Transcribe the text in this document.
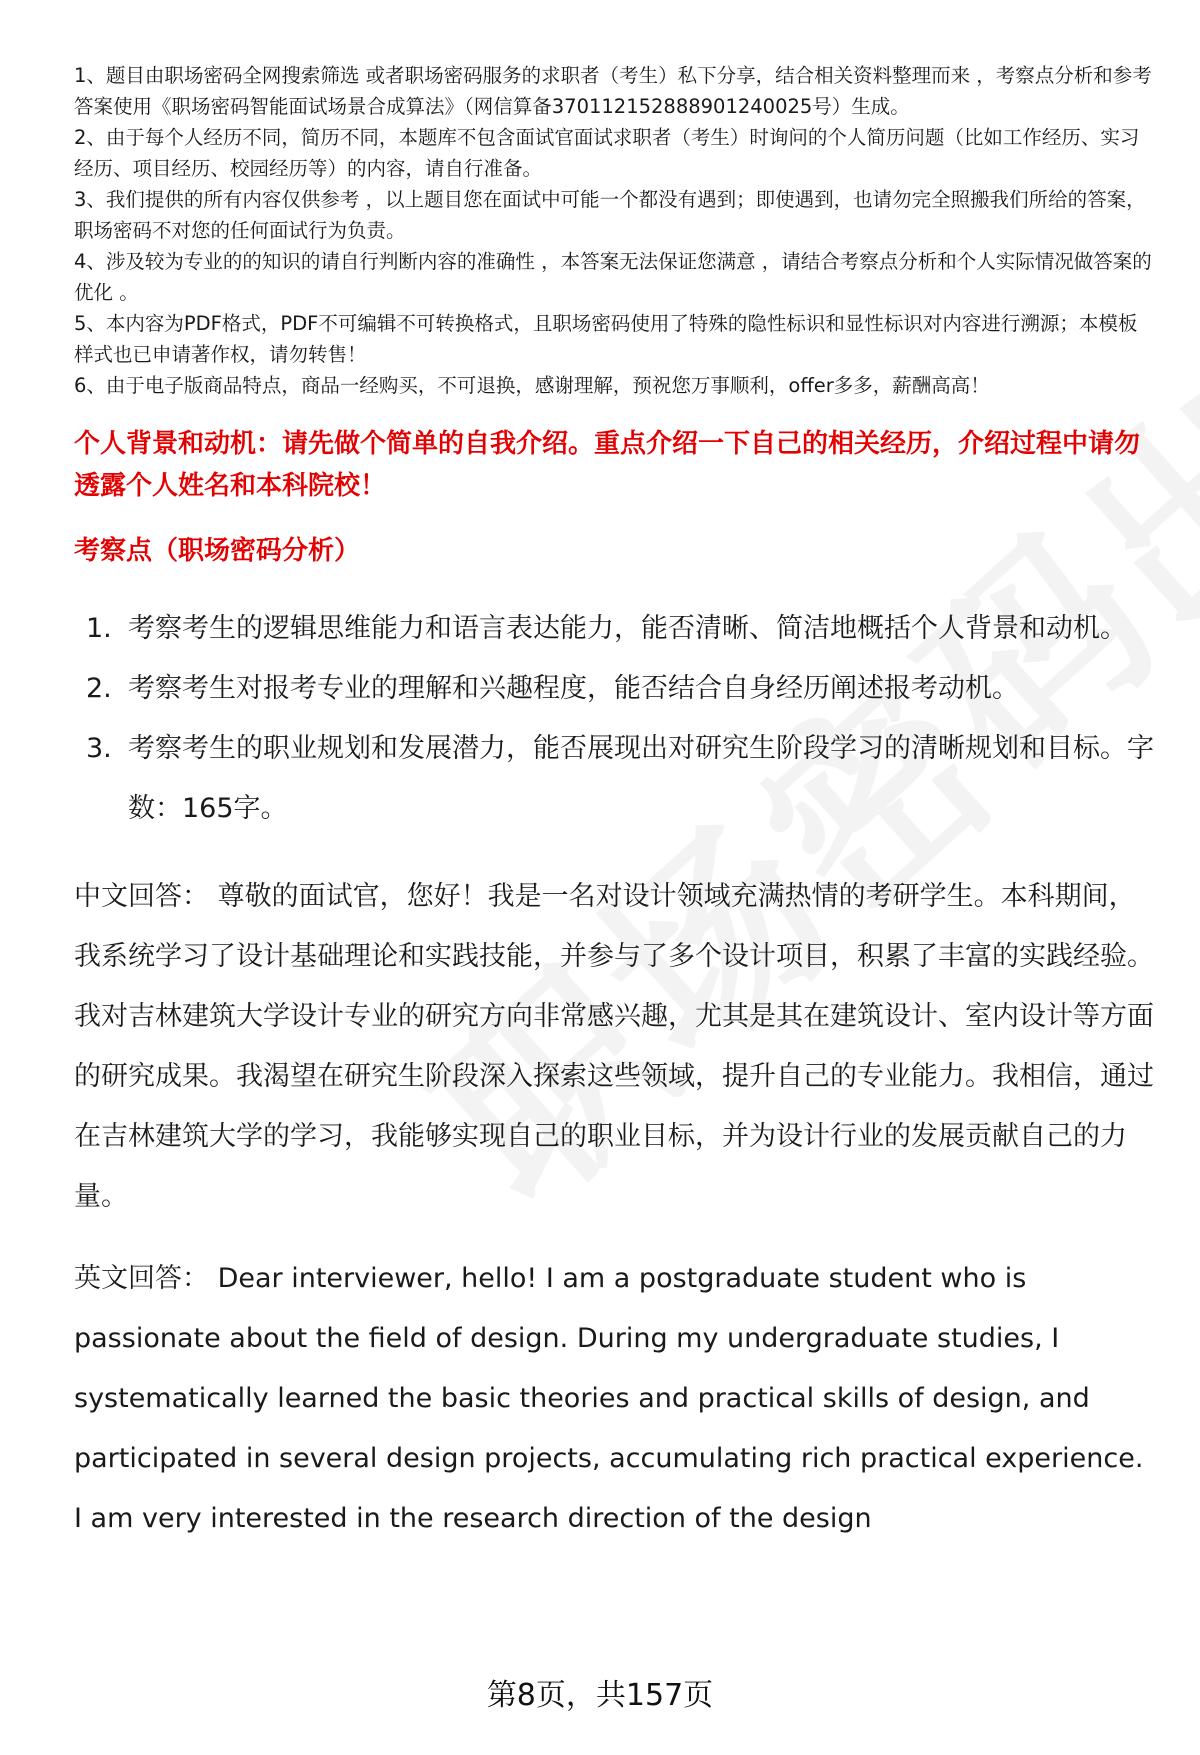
1、题目由职场密码全网搜索筛选 或者职场密码服务的求职者（考生）私下分享，结合相关资料整理而来 ，考察点分析和参考答案使用《职场密码智能面试场景合成算法》（网信算备370112152888901240025号）生成。
2、由于每个人经历不同，简历不同，本题库不包含面试官面试求职者（考生）时询问的个人简历问题（比如工作经历、实习经历、项目经历、校园经历等）的内容，请自行准备。
3、我们提供的所有内容仅供参考 ，以上题目您在面试中可能一个都没有遇到；即使遇到，也请勿完全照搬我们所给的答案，职场密码不对您的任何面试行为负责。
4、涉及较为专业的的知识的请自行判断内容的准确性 ，本答案无法保证您满意 ，请结合考察点分析和个人实际情况做答案的优化 。
5、本内容为PDF格式，PDF不可编辑不可转换格式，且职场密码使用了特殊的隐性标识和显性标识对内容进行溯源；本模板样式也已申请著作权，请勿转售！
6、由于电子版商品特点，商品一经购买，不可退换，感谢理解，预祝您万事顺利，offer多多，薪酬高高！

个人背景和动机：请先做个简单的自我介绍。重点介绍一下自己的相关经历，介绍过程中请勿透露个人姓名和本科院校！

考察点（职场密码分析）

1. 考察考生的逻辑思维能力和语言表达能力，能否清晰、简洁地概括个人背景和动机。
2. 考察考生对报考专业的理解和兴趣程度，能否结合自身经历阐述报考动机。
3. 考察考生的职业规划和发展潜力，能否展现出对研究生阶段学习的清晰规划和目标。字数：165字。

中文回答： 尊敬的面试官，您好！我是一名对设计领域充满热情的考研学生。本科期间，我系统学习了设计基础理论和实践技能，并参与了多个设计项目，积累了丰富的实践经验。我对吉林建筑大学设计专业的研究方向非常感兴趣，尤其是其在建筑设计、室内设计等方面的研究成果。我渴望在研究生阶段深入探索这些领域，提升自己的专业能力。我相信，通过在吉林建筑大学的学习，我能够实现自己的职业目标，并为设计行业的发展贡献自己的力量。

英文回答： Dear interviewer, hello! I am a postgraduate student who is passionate about the field of design. During my undergraduate studies, I systematically learned the basic theories and practical skills of design, and participated in several design projects, accumulating rich practical experience. I am very interested in the research direction of the design

第8页，共157页
